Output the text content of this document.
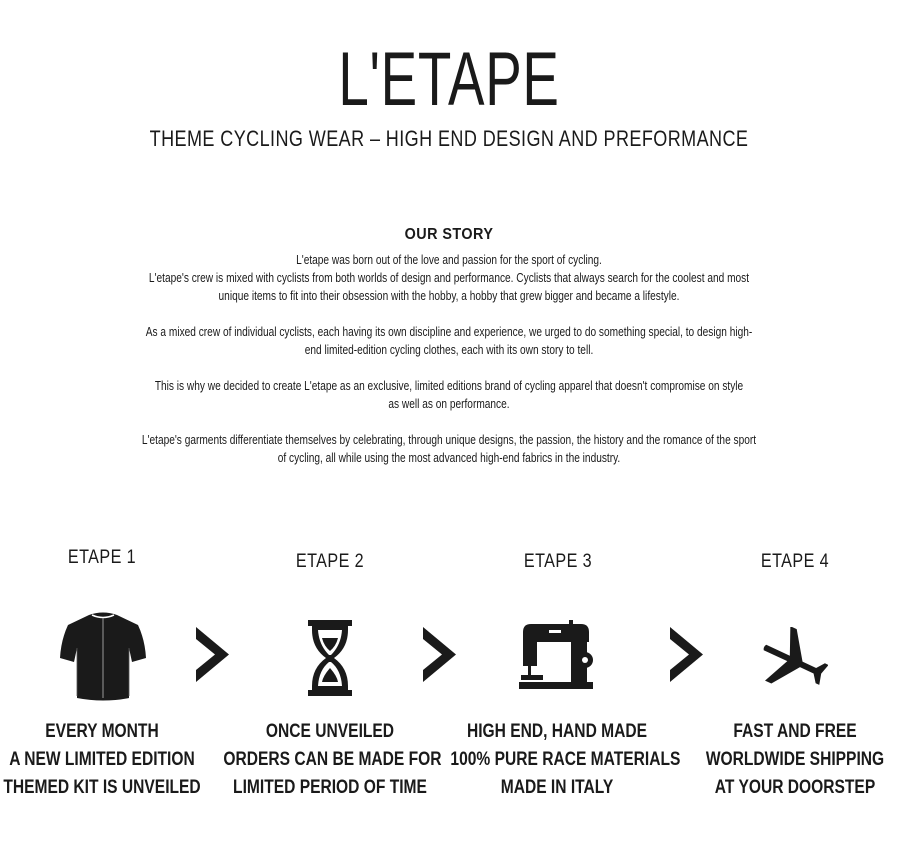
L'ETAPE
THEME CYCLING WEAR – HIGH END DESIGN AND PREFORMANCE
OUR STORY

L'etape was born out of the love and passion for the sport of cycling.
L'etape's crew is mixed with cyclists from both worlds of design and performance. Cyclists that always search for the coolest and most
unique items to fit into their obsession with the hobby, a hobby that grew bigger and became a lifestyle.

As a mixed crew of individual cyclists, each having its own discipline and experience, we urged to do something special, to design high-
end limited-edition cycling clothes, each with its own story to tell.

This is why we decided to create L'etape as an exclusive, limited editions brand of cycling apparel that doesn't compromise on style
as well as on performance.

L'etape's garments differentiate themselves by celebrating, through unique designs, the passion, the history and the romance of the sport
of cycling, all while using the most advanced high-end fabrics in the industry.

ETAPE 1	ETAPE 2	ETAPE 3	ETAPE 4
EVERY MONTH
A NEW LIMITED EDITION
THEMED KIT IS UNVEILED
ONCE UNVEILED
ORDERS CAN BE MADE FOR
LIMITED PERIOD OF TIME
HIGH END, HAND MADE
100% PURE RACE MATERIALS
MADE IN ITALY
FAST AND FREE
WORLDWIDE SHIPPING
AT YOUR DOORSTEP
